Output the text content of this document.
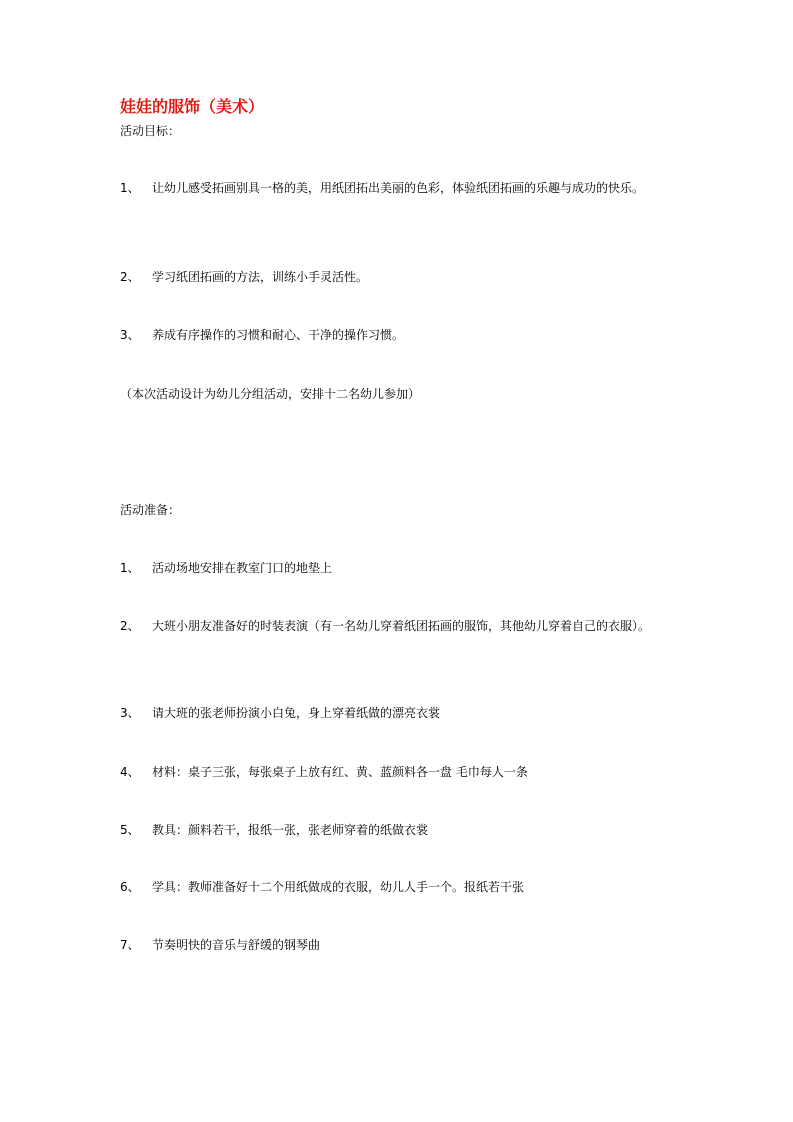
娃娃的服饰（美术）
活动目标：
1、	让幼儿感受拓画别具一格的美，用纸团拓出美丽的色彩，体验纸团拓画的乐趣与成功的快乐。
2、	学习纸团拓画的方法，训练小手灵活性。
3、	养成有序操作的习惯和耐心、干净的操作习惯。
（本次活动设计为幼儿分组活动，安排十二名幼儿参加）
活动准备：
1、	活动场地安排在教室门口的地垫上
2、	大班小朋友准备好的时装表演（有一名幼儿穿着纸团拓画的服饰，其他幼儿穿着自己的衣服）。
3、	请大班的张老师扮演小白兔，身上穿着纸做的漂亮衣裳
4、	材料：桌子三张，每张桌子上放有红、黄、蓝颜料各一盘 毛巾每人一条
5、	教具：颜料若干，报纸一张，张老师穿着的纸做衣裳
6、	学具：教师准备好十二个用纸做成的衣服，幼儿人手一个。报纸若干张
7、	节奏明快的音乐与舒缓的钢琴曲
